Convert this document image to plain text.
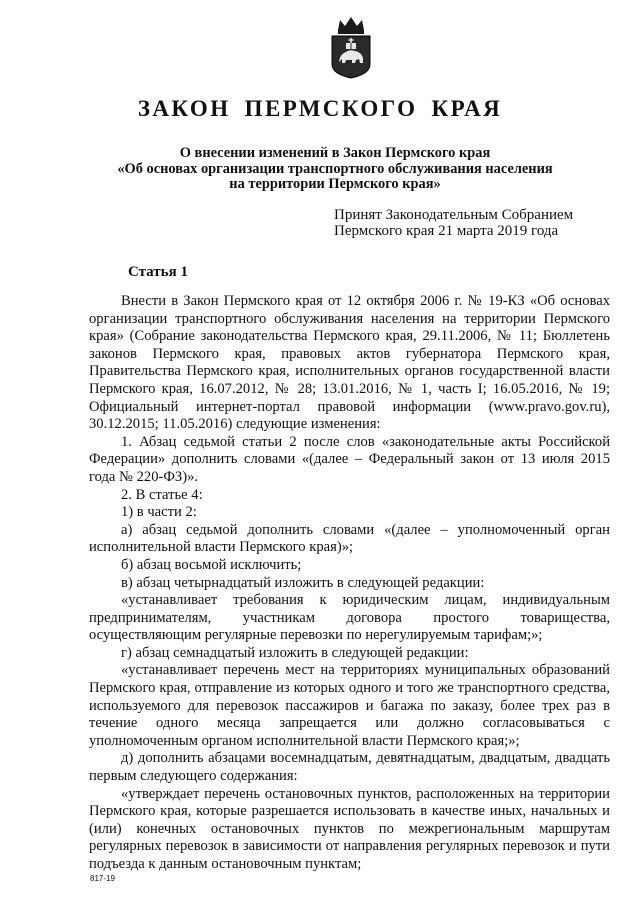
ЗАКОН ПЕРМСКОГО КРАЯ
О внесении изменений в Закон Пермского края
«Об основах организации транспортного обслуживания населения
на территории Пермского края»
Принят Законодательным Собранием
Пермского края 21 марта 2019 года
Статья 1

Внести в Закон Пермского края от 12 октября 2006 г. № 19-КЗ «Об основах организации транспортного обслуживания населения на территории Пермского края» (Собрание законодательства Пермского края, 29.11.2006, № 11; Бюллетень законов Пермского края, правовых актов губернатора Пермского края, Правительства Пермского края, исполнительных органов государственной власти Пермского края, 16.07.2012, № 28; 13.01.2016, № 1, часть I; 16.05.2016, № 19; Официальный интернет-портал правовой информации (www.pravo.gov.ru), 30.12.2015; 11.05.2016) следующие изменения:

1. Абзац седьмой статьи 2 после слов «законодательные акты Российской Федерации» дополнить словами «(далее – Федеральный закон от 13 июля 2015 года № 220-ФЗ)».

2. В статье 4:

1) в части 2:

а) абзац седьмой дополнить словами «(далее – уполномоченный орган исполнительной власти Пермского края)»;

б) абзац восьмой исключить;

в) абзац четырнадцатый изложить в следующей редакции:

«устанавливает требования к юридическим лицам, индивидуальным предпринимателям, участникам договора простого товарищества, осуществляющим регулярные перевозки по нерегулируемым тарифам;»;

г) абзац семнадцатый изложить в следующей редакции:

«устанавливает перечень мест на территориях муниципальных образований Пермского края, отправление из которых одного и того же транспортного средства, используемого для перевозок пассажиров и багажа по заказу, более трех раз в течение одного месяца запрещается или должно согласовываться с уполномоченным органом исполнительной власти Пермского края;»;

д) дополнить абзацами восемнадцатым, девятнадцатым, двадцатым, двадцать первым следующего содержания:

«утверждает перечень остановочных пунктов, расположенных на территории Пермского края, которые разрешается использовать в качестве иных, начальных и (или) конечных остановочных пунктов по межрегиональным маршрутам регулярных перевозок в зависимости от направления регулярных перевозок и пути подъезда к данным остановочным пунктам;

817-19
